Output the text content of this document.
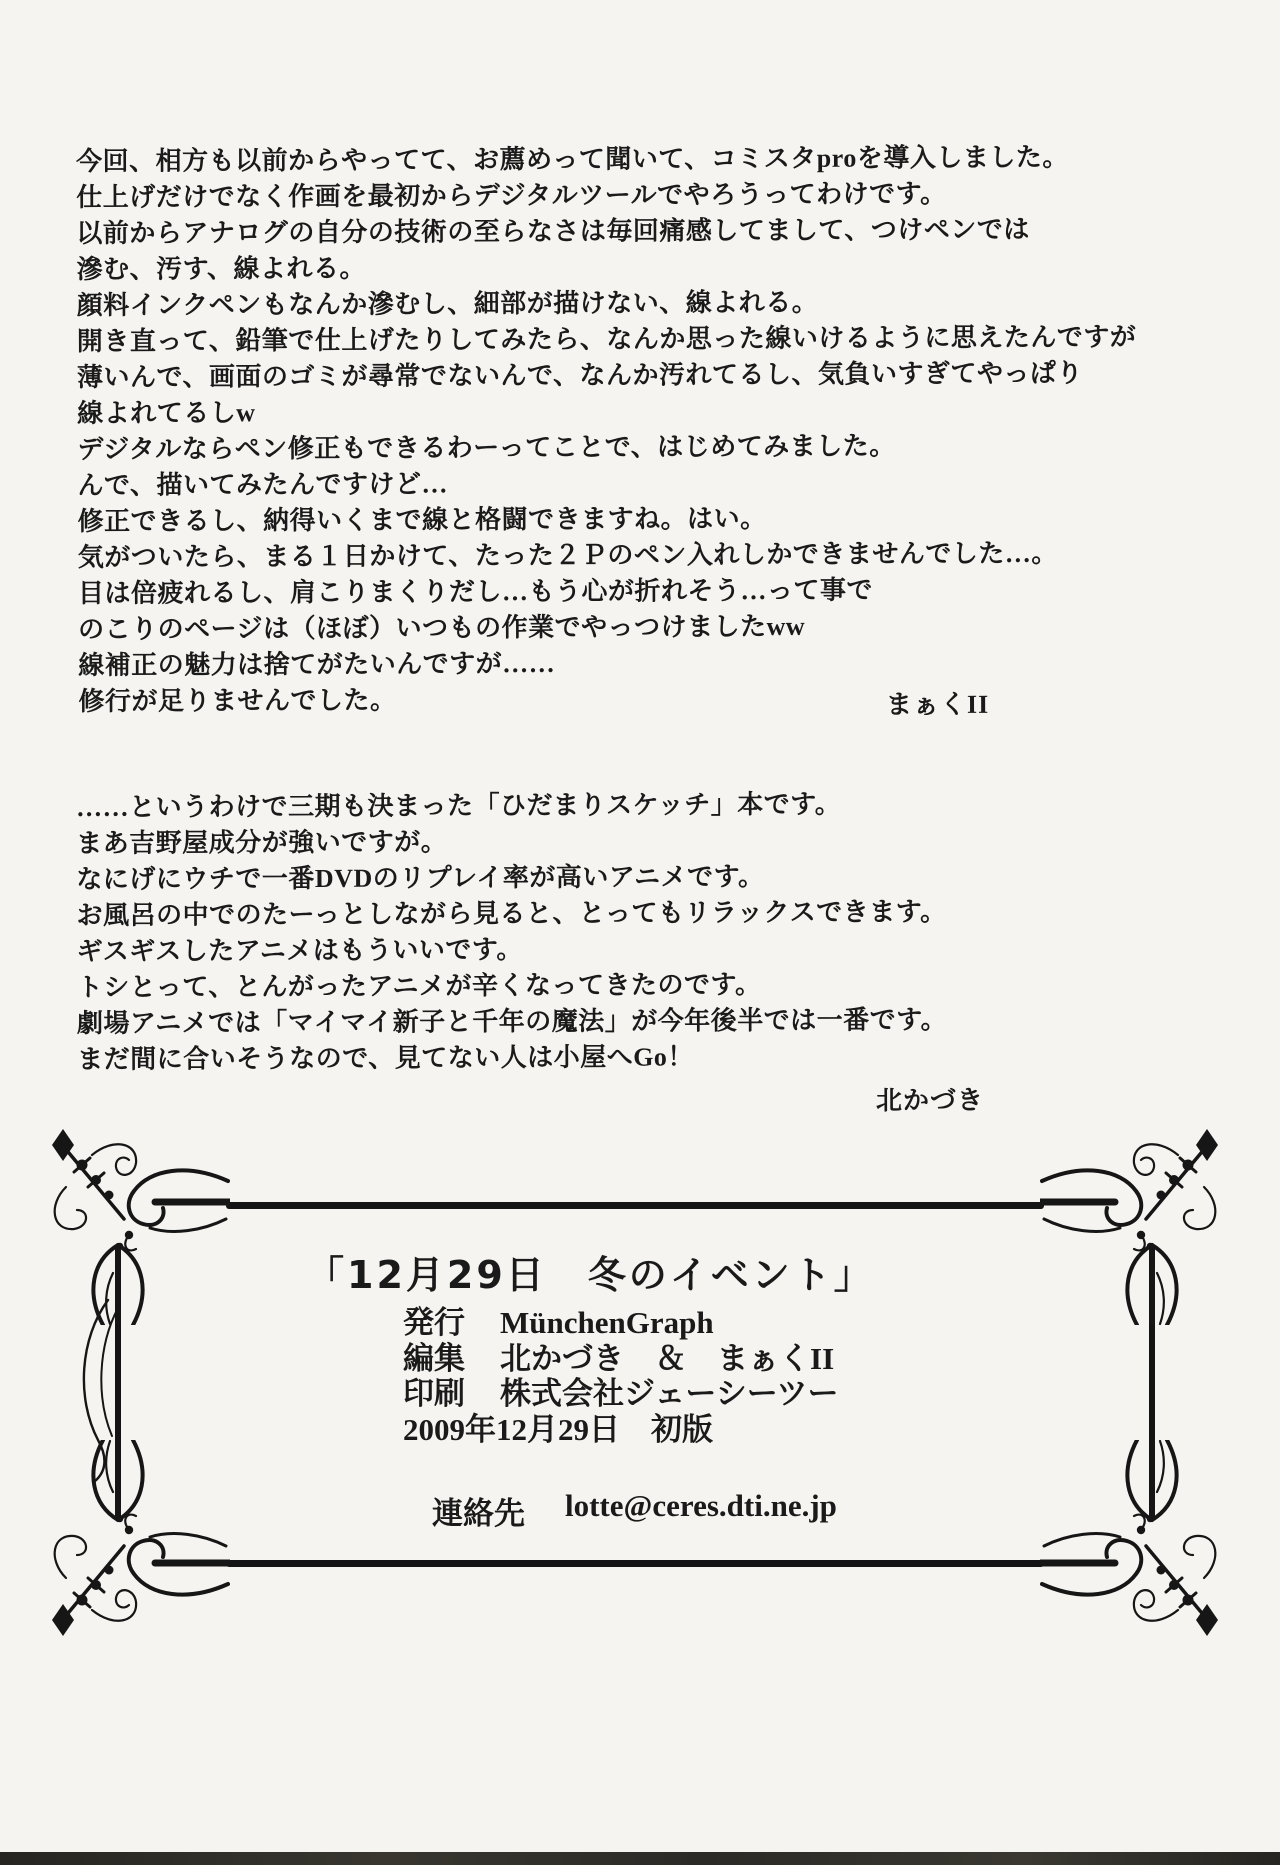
今回、相方も以前からやってて、お薦めって聞いて、コミスタproを導入しました。
仕上げだけでなく作画を最初からデジタルツールでやろうってわけです。
以前からアナログの自分の技術の至らなさは毎回痛感してまして、つけペンでは
滲む、汚す、線よれる。
顔料インクペンもなんか滲むし、細部が描けない、線よれる。
開き直って、鉛筆で仕上げたりしてみたら、なんか思った線いけるように思えたんですが
薄いんで、画面のゴミが尋常でないんで、なんか汚れてるし、気負いすぎてやっぱり
線よれてるしw
デジタルならペン修正もできるわーってことで、はじめてみました。
んで、描いてみたんですけど…
修正できるし、納得いくまで線と格闘できますね。はい。
気がついたら、まる１日かけて、たった２Ｐのペン入れしかできませんでした…。
目は倍疲れるし、肩こりまくりだし…もう心が折れそう…って事で
のこりのページは（ほぼ）いつもの作業でやっつけましたww
線補正の魅力は捨てがたいんですが……
修行が足りませんでした。	まぁくII
……というわけで三期も決まった「ひだまりスケッチ」本です。
まあ吉野屋成分が強いですが。
なにげにウチで一番DVDのリプレイ率が高いアニメです。
お風呂の中でのたーっとしながら見ると、とってもリラックスできます。
ギスギスしたアニメはもういいです。
トシとって、とんがったアニメが辛くなってきたのです。
劇場アニメでは「マイマイ新子と千年の魔法」が今年後半では一番です。
まだ間に合いそうなので、見てない人は小屋へGo！
北かづき
「12月29日　冬のイベント」
発行	MünchenGraph
編集	北かづき　＆　まぁくII
印刷	株式会社ジェーシーツー
2009年12月29日　初版
連絡先 lotte@ceres.dti.ne.jp
